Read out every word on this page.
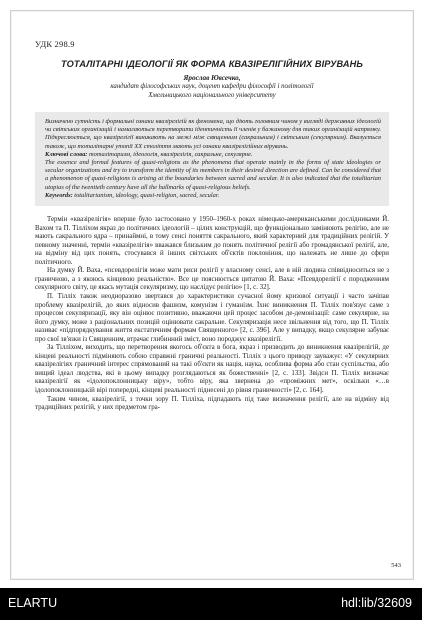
УДК 298.9
ТОТАЛІТАРНІ ІДЕОЛОГІЇ ЯК ФОРМА КВАЗІРЕЛІГІЙНИХ ВІРУВАНЬ
Ярослав Ювсечко,
кандидат філософських наук, доцент кафедри філософії і політології
Хмельницького національного університету

Визначено сутність і формальні ознаки квазірелігій як феномена, що діють головним чином у вигляді державних ідеологій чи світських організацій і намагаються перетворити ідентичність її членів у бажаному для таких організацій напрямку. Підкреслюється, що квазірелігії виникають на межі між священним (сакральним) і світським (секулярним). Вказується також, що тоталітарні утопії XX століття мають усі ознаки квазірелігійних вірувань.

Ключові слова: тоталітаризм, ідеологія, квазірелігія, сакральне, секулярне.

The essence and formal features of quasi-religions as the phenomena that operate mainly in the forms of state ideologies or secular organizations and try to transform the identity of its members in their desired direction are defined. Can be considered that a phenomenon of quasi-religions is arising at the boundaries between sacred and secular. It is also indicated that the totalitarian utopias of the twentieth century have all the hallmarks of quasi-religious beliefs.

Keywords: totalitarianism, ideology, quasi-religion, sacred, secular.

Термін «квазірелігія» вперше було застосовано у 1950–1960-х роках німецько-американськими дослідниками Й. Вахом та П. Тілліхом якраз до політичних ідеологій – цілих конструкцій, що функціонально замінюють релігію, але не мають сакрального ядра – принаймні, в тому сенсі поняття сакрального, який характерний для традиційних релігій. У певному значенні, термін «квазірелігія» вважався близьким до понять політичної релігії або громадянської релігії, але, на відміну від цих понять, стосувався й інших світських об'єктів поклоніння, що належать не лише до сфери політичного.

На думку Й. Ваха, «псевдорелігія може мати риси релігії у власному сенсі, але в ній людина співвідноситься не з граничною, а з якоюсь кінцевою реальністю». Все це пояснюється цитатою Й. Ваха: «Псевдорелігії є породженням секулярного світу, це якась мутація секуляризму, що наслідує релігію» [1, с. 32].

П. Тілліх також неодноразово звертався до характеристики сучасної йому кризової ситуації і часто зачіпав проблему квазірелігій, до яких відносив фашизм, комунізм і гуманізм. Їхнє виникнення П. Тілліх пов'язує саме з процесом секуляризації, яку він оцінює позитивно, вважаючи цей процес засобом де-демонізації: саме секулярне, на його думку, може з раціональних позицій оцінювати сакральне. Секуляризація несе звільнення від того, що П. Тілліх називає «підпорядкування життя екстатичним формам Священного» [2, с. 396]. Але у випадку, якщо секулярне забуває про свої зв'язки із Священним, втрачає глибинний зміст, воно породжує квазірелігії.

За Тілліхом, виходить, що перетворення якогось об'єкта в бога, якраз і призводить до виникнення квазірелігій, де кінцеві реальності підміняють собою справжні граничні реальності. Тілліх з цього приводу зауважує: «У секулярних квазірелігіях граничний інтерес спрямований на такі об'єкти як нація, наука, особлива форма або стан суспільства, або вищий ідеал людства, які в цьому випадку розглядаються як божественні» [2, с. 133]. Звідси П. Тілліх визначає квазірелігії як «ідолопоклонницьку віру», тобто віру, яка звернена до «проміжних мет», оскільки «…в ідолопоклонницькій вірі попередні, кінцеві реальності піднесені до рівня граничності» [2, с. 164].

Таким чином, квазірелігії, з точки зору П. Тілліха, підпадають під таке визначення релігії, але на відміну від традиційних релігій, у них предметом гра-

543
ELARTU	hdl:lib/32609
